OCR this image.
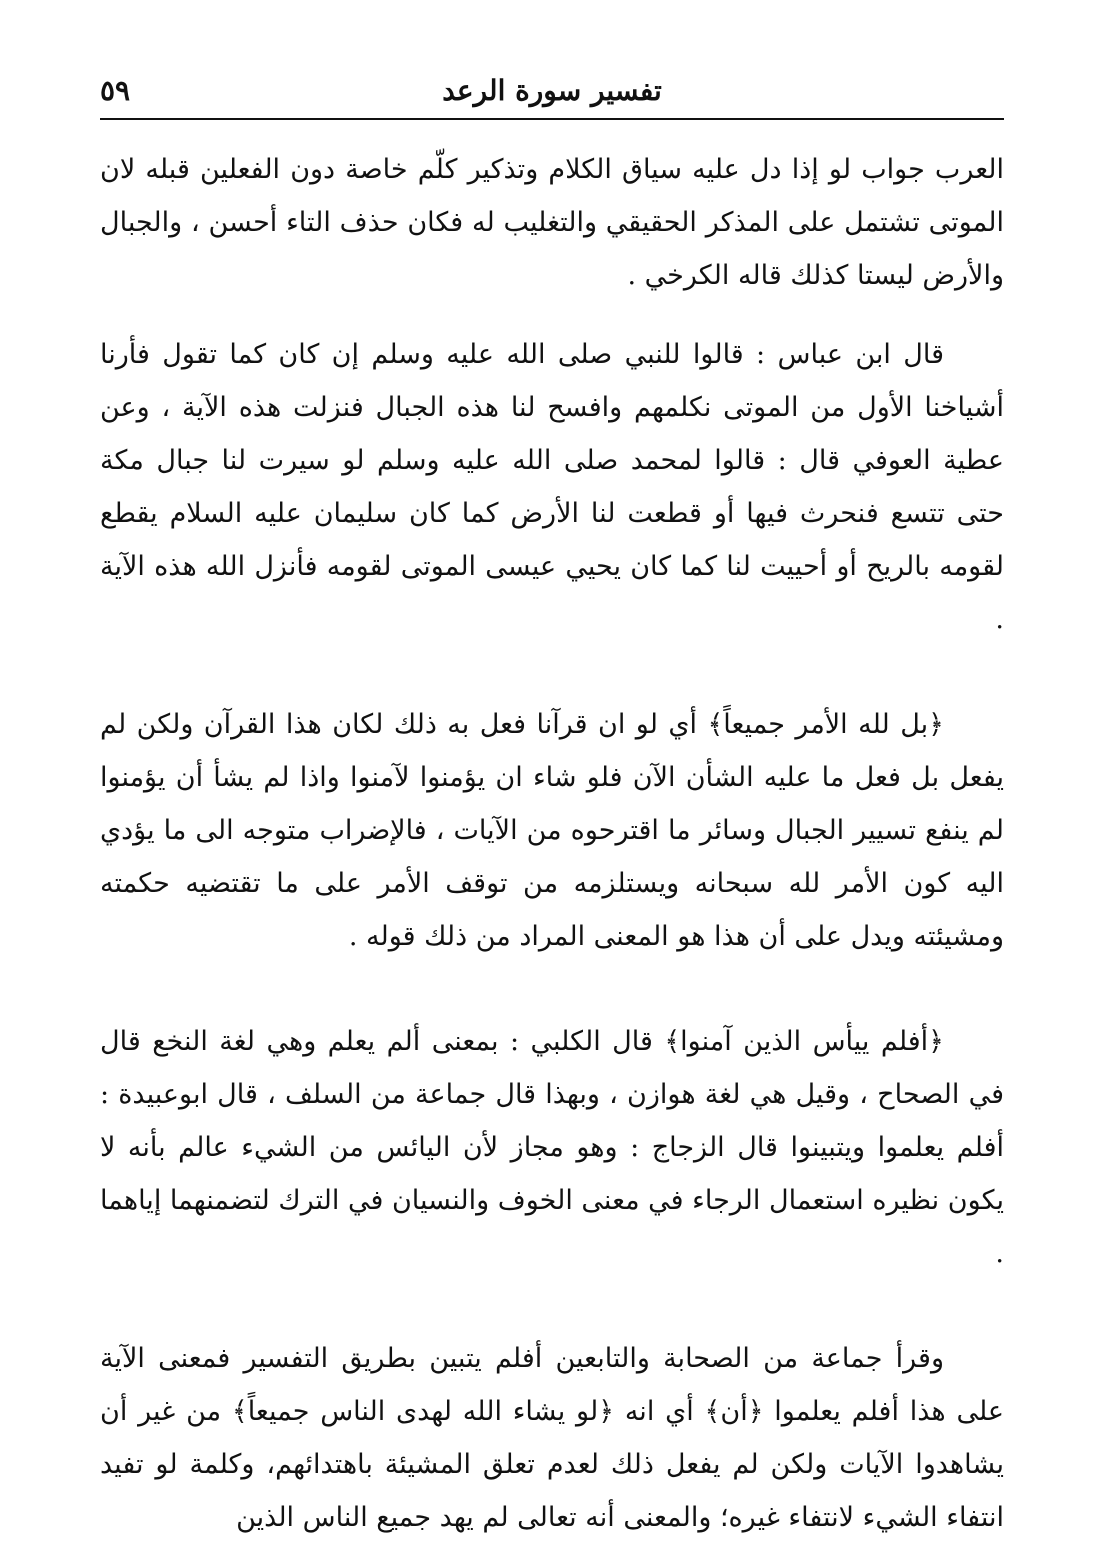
تفسير سورة الرعد
٥٩

العرب جواب لو إذا دل عليه سياق الكلام وتذكير كلّم خاصة دون الفعلين قبله لان الموتى تشتمل على المذكر الحقيقي والتغليب له فكان حذف التاء أحسن ، والجبال والأرض ليستا كذلك قاله الكرخي .

قال ابن عباس : قالوا للنبي صلى الله عليه وسلم إن كان كما تقول فأرنا أشياخنا الأول من الموتى نكلمهم وافسح لنا هذه الجبال فنزلت هذه الآية ، وعن عطية العوفي قال : قالوا لمحمد صلى الله عليه وسلم لو سيرت لنا جبال مكة حتى تتسع فنحرث فيها أو قطعت لنا الأرض كما كان سليمان عليه السلام يقطع لقومه بالريح أو أحييت لنا كما كان يحيي عيسى الموتى لقومه فأنزل الله هذه الآية .

﴿بل لله الأمر جميعاً﴾ أي لو ان قرآنا فعل به ذلك لكان هذا القرآن ولكن لم يفعل بل فعل ما عليه الشأن الآن فلو شاء ان يؤمنوا لآمنوا واذا لم يشأ أن يؤمنوا لم ينفع تسيير الجبال وسائر ما اقترحوه من الآيات ، فالإضراب متوجه الى ما يؤدي اليه كون الأمر لله سبحانه ويستلزمه من توقف الأمر على ما تقتضيه حكمته ومشيئته ويدل على أن هذا هو المعنى المراد من ذلك قوله .

﴿أفلم ييأس الذين آمنوا﴾ قال الكلبي : بمعنى ألم يعلم وهي لغة النخع قال في الصحاح ، وقيل هي لغة هوازن ، وبهذا قال جماعة من السلف ، قال ابوعبيدة : أفلم يعلموا ويتبينوا قال الزجاج : وهو مجاز لأن اليائس من الشيء عالم بأنه لا يكون نظيره استعمال الرجاء في معنى الخوف والنسيان في الترك لتضمنهما إياهما .

وقرأ جماعة من الصحابة والتابعين أفلم يتبين بطريق التفسير فمعنى الآية على هذا أفلم يعلموا ﴿أن﴾ أي انه ﴿لو يشاء الله لهدى الناس جميعاً﴾ من غير أن يشاهدوا الآيات ولكن لم يفعل ذلك لعدم تعلق المشيئة باهتدائهم، وكلمة لو تفيد انتفاء الشيء لانتفاء غيره؛ والمعنى أنه تعالى لم يهد جميع الناس الذين
